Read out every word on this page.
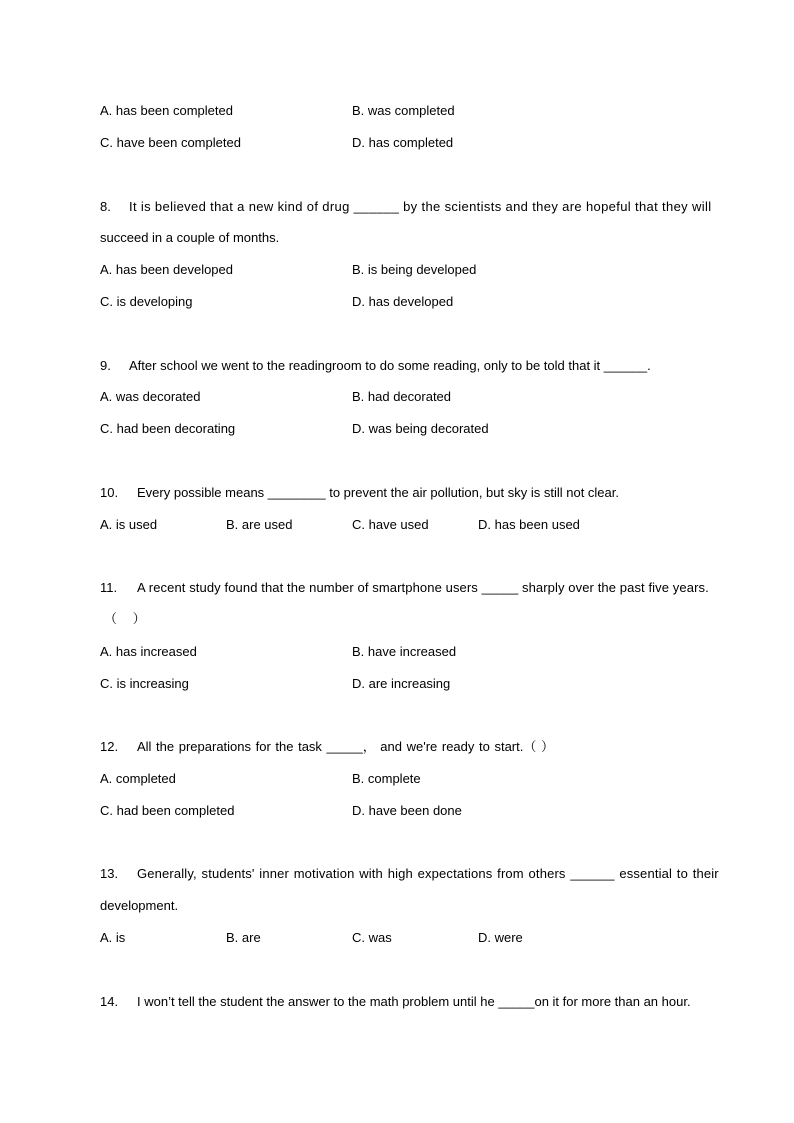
A. has been completed	B. was completed
C. have been completed	D. has completed
8. It is believed that a new kind of drug ______ by the scientists and they are hopeful that they will
succeed in a couple of months.
A. has been developed	B. is being developed
C. is developing	D. has developed
9. After school we went to the readingroom to do some reading, only to be told that it ______.
A. was decorated	B. had decorated
C. had been decorating	D. was being decorated
10. Every possible means ________ to prevent the air pollution, but sky is still not clear.
A. is used	B. are used	C. have used	D. has been used
11. A recent study found that the number of smartphone users _____ sharply over the past five years.
（ ）
A. has increased	B. have increased
C. is increasing	D. are increasing
12. All the preparations for the task _____， and we're ready to start.（ ）
A. completed	B. complete
C. had been completed	D. have been done
13. Generally, students' inner motivation with high expectations from others ______ essential to their
development.
A. is	B. are	C. was	D. were
14. I won’t tell the student the answer to the math problem until he _____on it for more than an hour.
